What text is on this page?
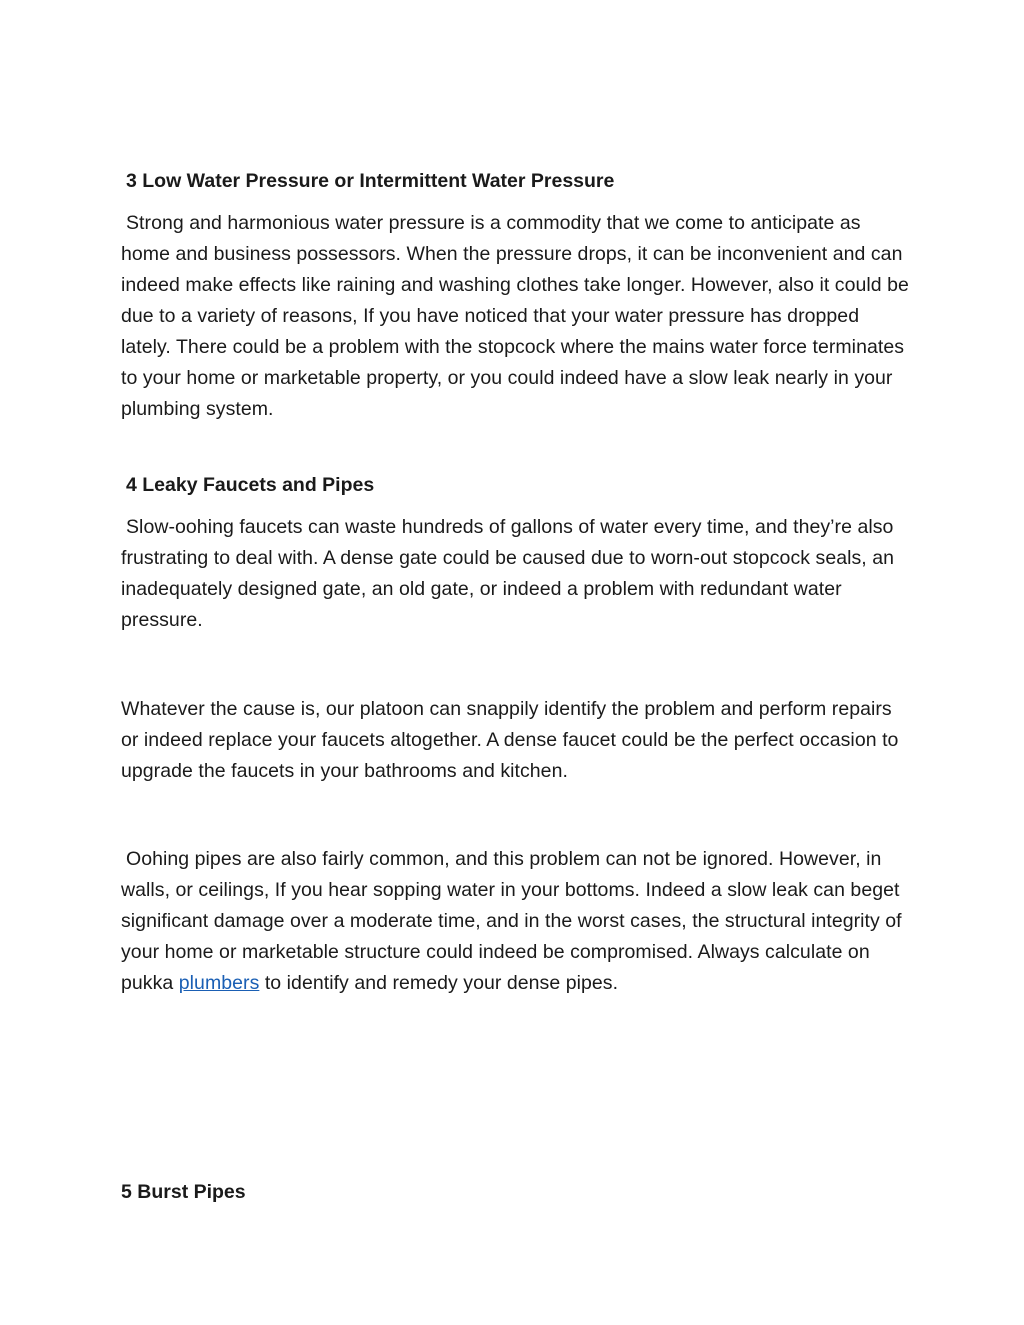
3 Low Water Pressure or Intermittent Water Pressure

Strong and harmonious water pressure is a commodity that we come to anticipate as home and business possessors. When the pressure drops, it can be inconvenient and can indeed make effects like raining and washing clothes take longer. However, also it could be due to a variety of reasons, If you have noticed that your water pressure has dropped lately. There could be a problem with the stopcock where the mains water force terminates to your home or marketable property, or you could indeed have a slow leak nearly in your plumbing system.

4 Leaky Faucets and Pipes

Slow-oohing faucets can waste hundreds of gallons of water every time, and they’re also frustrating to deal with. A dense gate could be caused due to worn-out stopcock seals, an inadequately designed gate, an old gate, or indeed a problem with redundant water pressure.

Whatever the cause is, our platoon can snappily identify the problem and perform repairs or indeed replace your faucets altogether. A dense faucet could be the perfect occasion to upgrade the faucets in your bathrooms and kitchen.

Oohing pipes are also fairly common, and this problem can not be ignored. However, in walls, or ceilings, If you hear sopping water in your bottoms. Indeed a slow leak can beget significant damage over a moderate time, and in the worst cases, the structural integrity of your home or marketable structure could indeed be compromised. Always calculate on pukka plumbers to identify and remedy your dense pipes.

5 Burst Pipes
